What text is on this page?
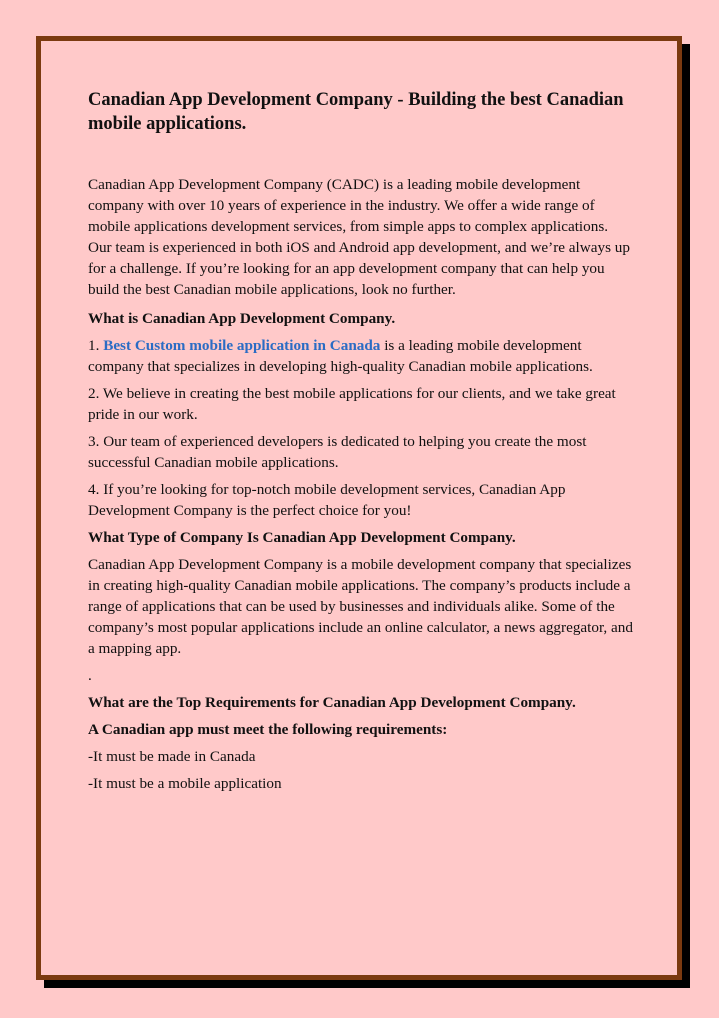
Canadian App Development Company - Building the best Canadian mobile applications.

Canadian App Development Company (CADC) is a leading mobile development company with over 10 years of experience in the industry. We offer a wide range of mobile applications development services, from simple apps to complex applications. Our team is experienced in both iOS and Android app development, and we’re always up for a challenge. If you’re looking for an app development company that can help you build the best Canadian mobile applications, look no further.

What is Canadian App Development Company.

1. Best Custom mobile application in Canada is a leading mobile development company that specializes in developing high-quality Canadian mobile applications.

2. We believe in creating the best mobile applications for our clients, and we take great pride in our work.

3. Our team of experienced developers is dedicated to helping you create the most successful Canadian mobile applications.

4. If you’re looking for top-notch mobile development services, Canadian App Development Company is the perfect choice for you!

What Type of Company Is Canadian App Development Company.

Canadian App Development Company is a mobile development company that specializes in creating high-quality Canadian mobile applications. The company’s products include a range of applications that can be used by businesses and individuals alike. Some of the company’s most popular applications include an online calculator, a news aggregator, and a mapping app.

.

What are the Top Requirements for Canadian App Development Company.

A Canadian app must meet the following requirements:

-It must be made in Canada

-It must be a mobile application
